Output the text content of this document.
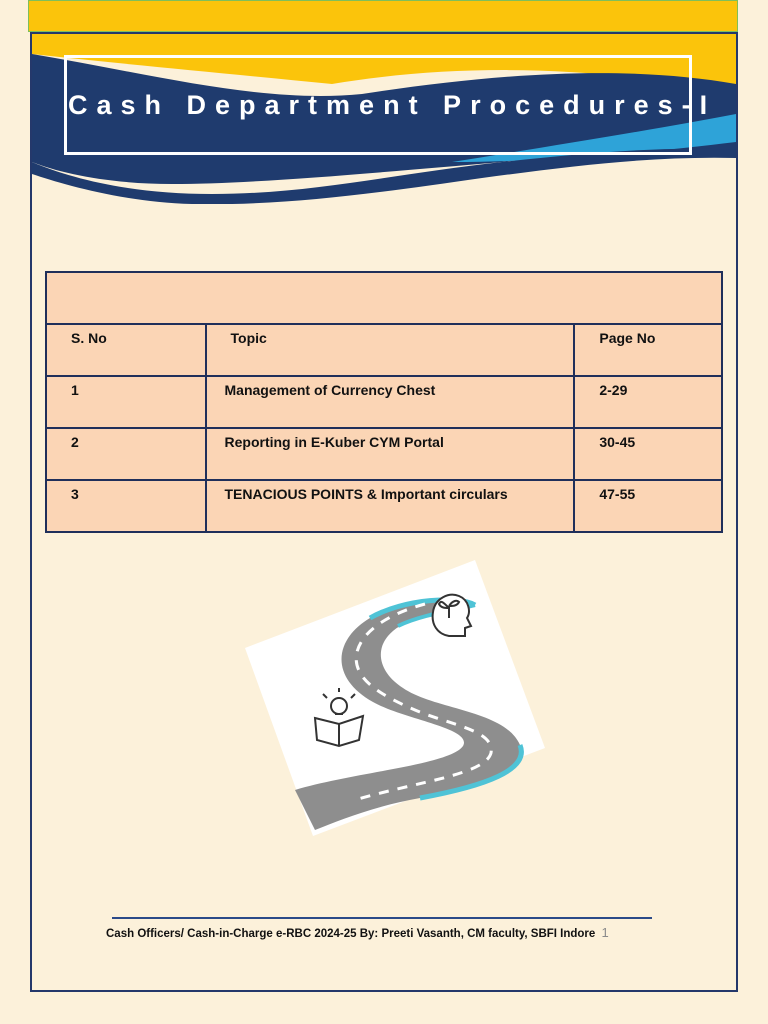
Cash Department Procedures-I

S. No	Topic	Page No
1	Management of Currency Chest	2-29
2	Reporting in E-Kuber CYM Portal	30-45
3	TENACIOUS POINTS & Important circulars	47-55
Cash Officers/ Cash-in-Charge e-RBC 2024-25 By: Preeti Vasanth, CM faculty, SBFI Indore 1
